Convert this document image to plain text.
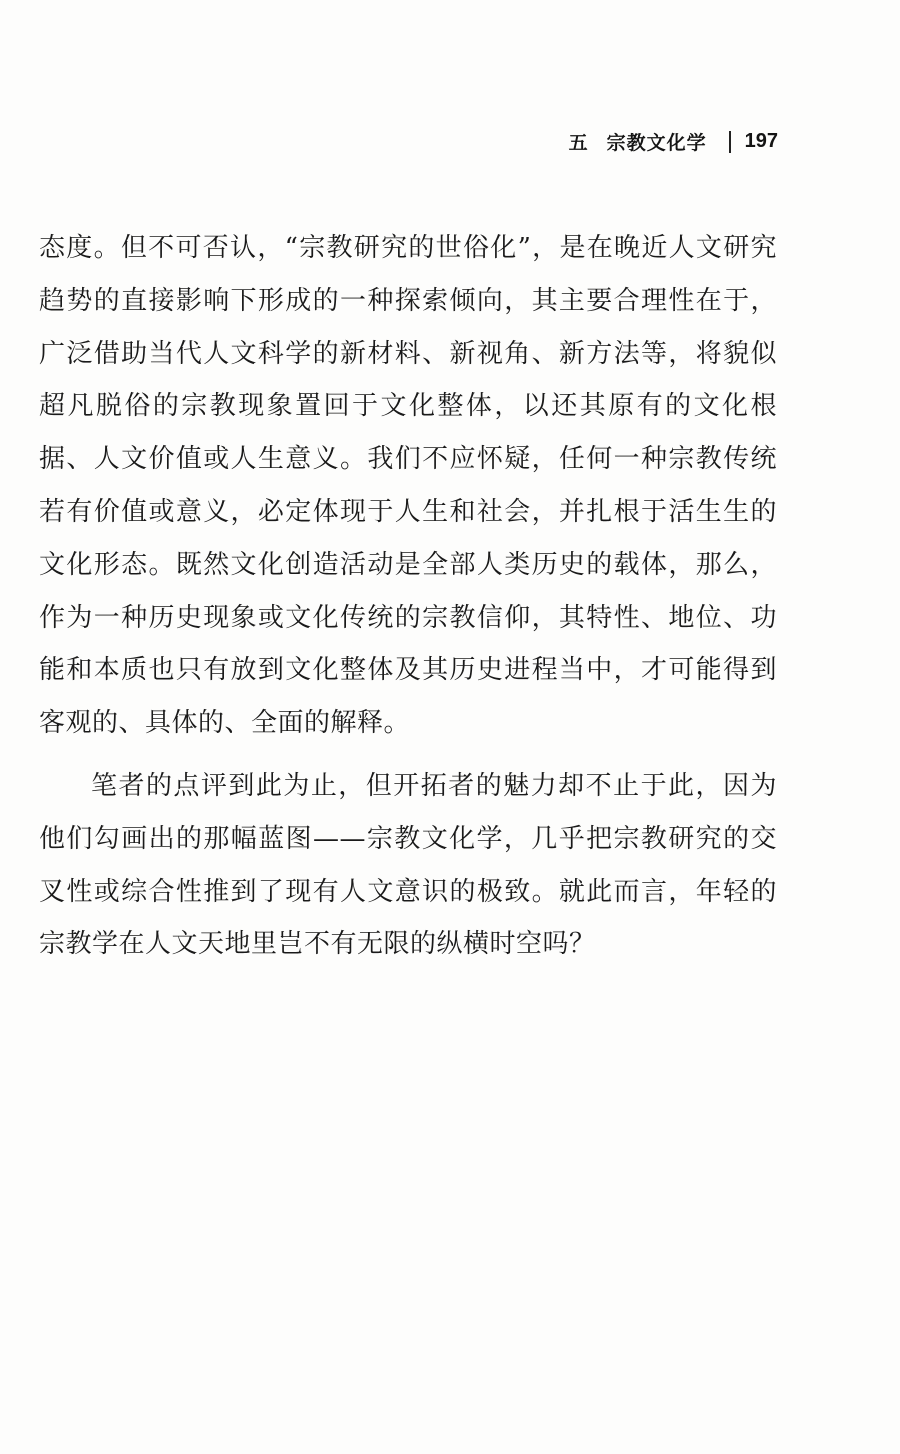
五 宗教文化学 197

态度。但不可否认，“宗教研究的世俗化”，是在晚近人文研究趋势的直接影响下形成的一种探索倾向，其主要合理性在于，广泛借助当代人文科学的新材料、新视角、新方法等，将貌似超凡脱俗的宗教现象置回于文化整体，以还其原有的文化根据、人文价值或人生意义。我们不应怀疑，任何一种宗教传统若有价值或意义，必定体现于人生和社会，并扎根于活生生的文化形态。既然文化创造活动是全部人类历史的载体，那么，作为一种历史现象或文化传统的宗教信仰，其特性、地位、功能和本质也只有放到文化整体及其历史进程当中，才可能得到客观的、具体的、全面的解释。

笔者的点评到此为止，但开拓者的魅力却不止于此，因为他们勾画出的那幅蓝图——宗教文化学，几乎把宗教研究的交叉性或综合性推到了现有人文意识的极致。就此而言，年轻的宗教学在人文天地里岂不有无限的纵横时空吗？
